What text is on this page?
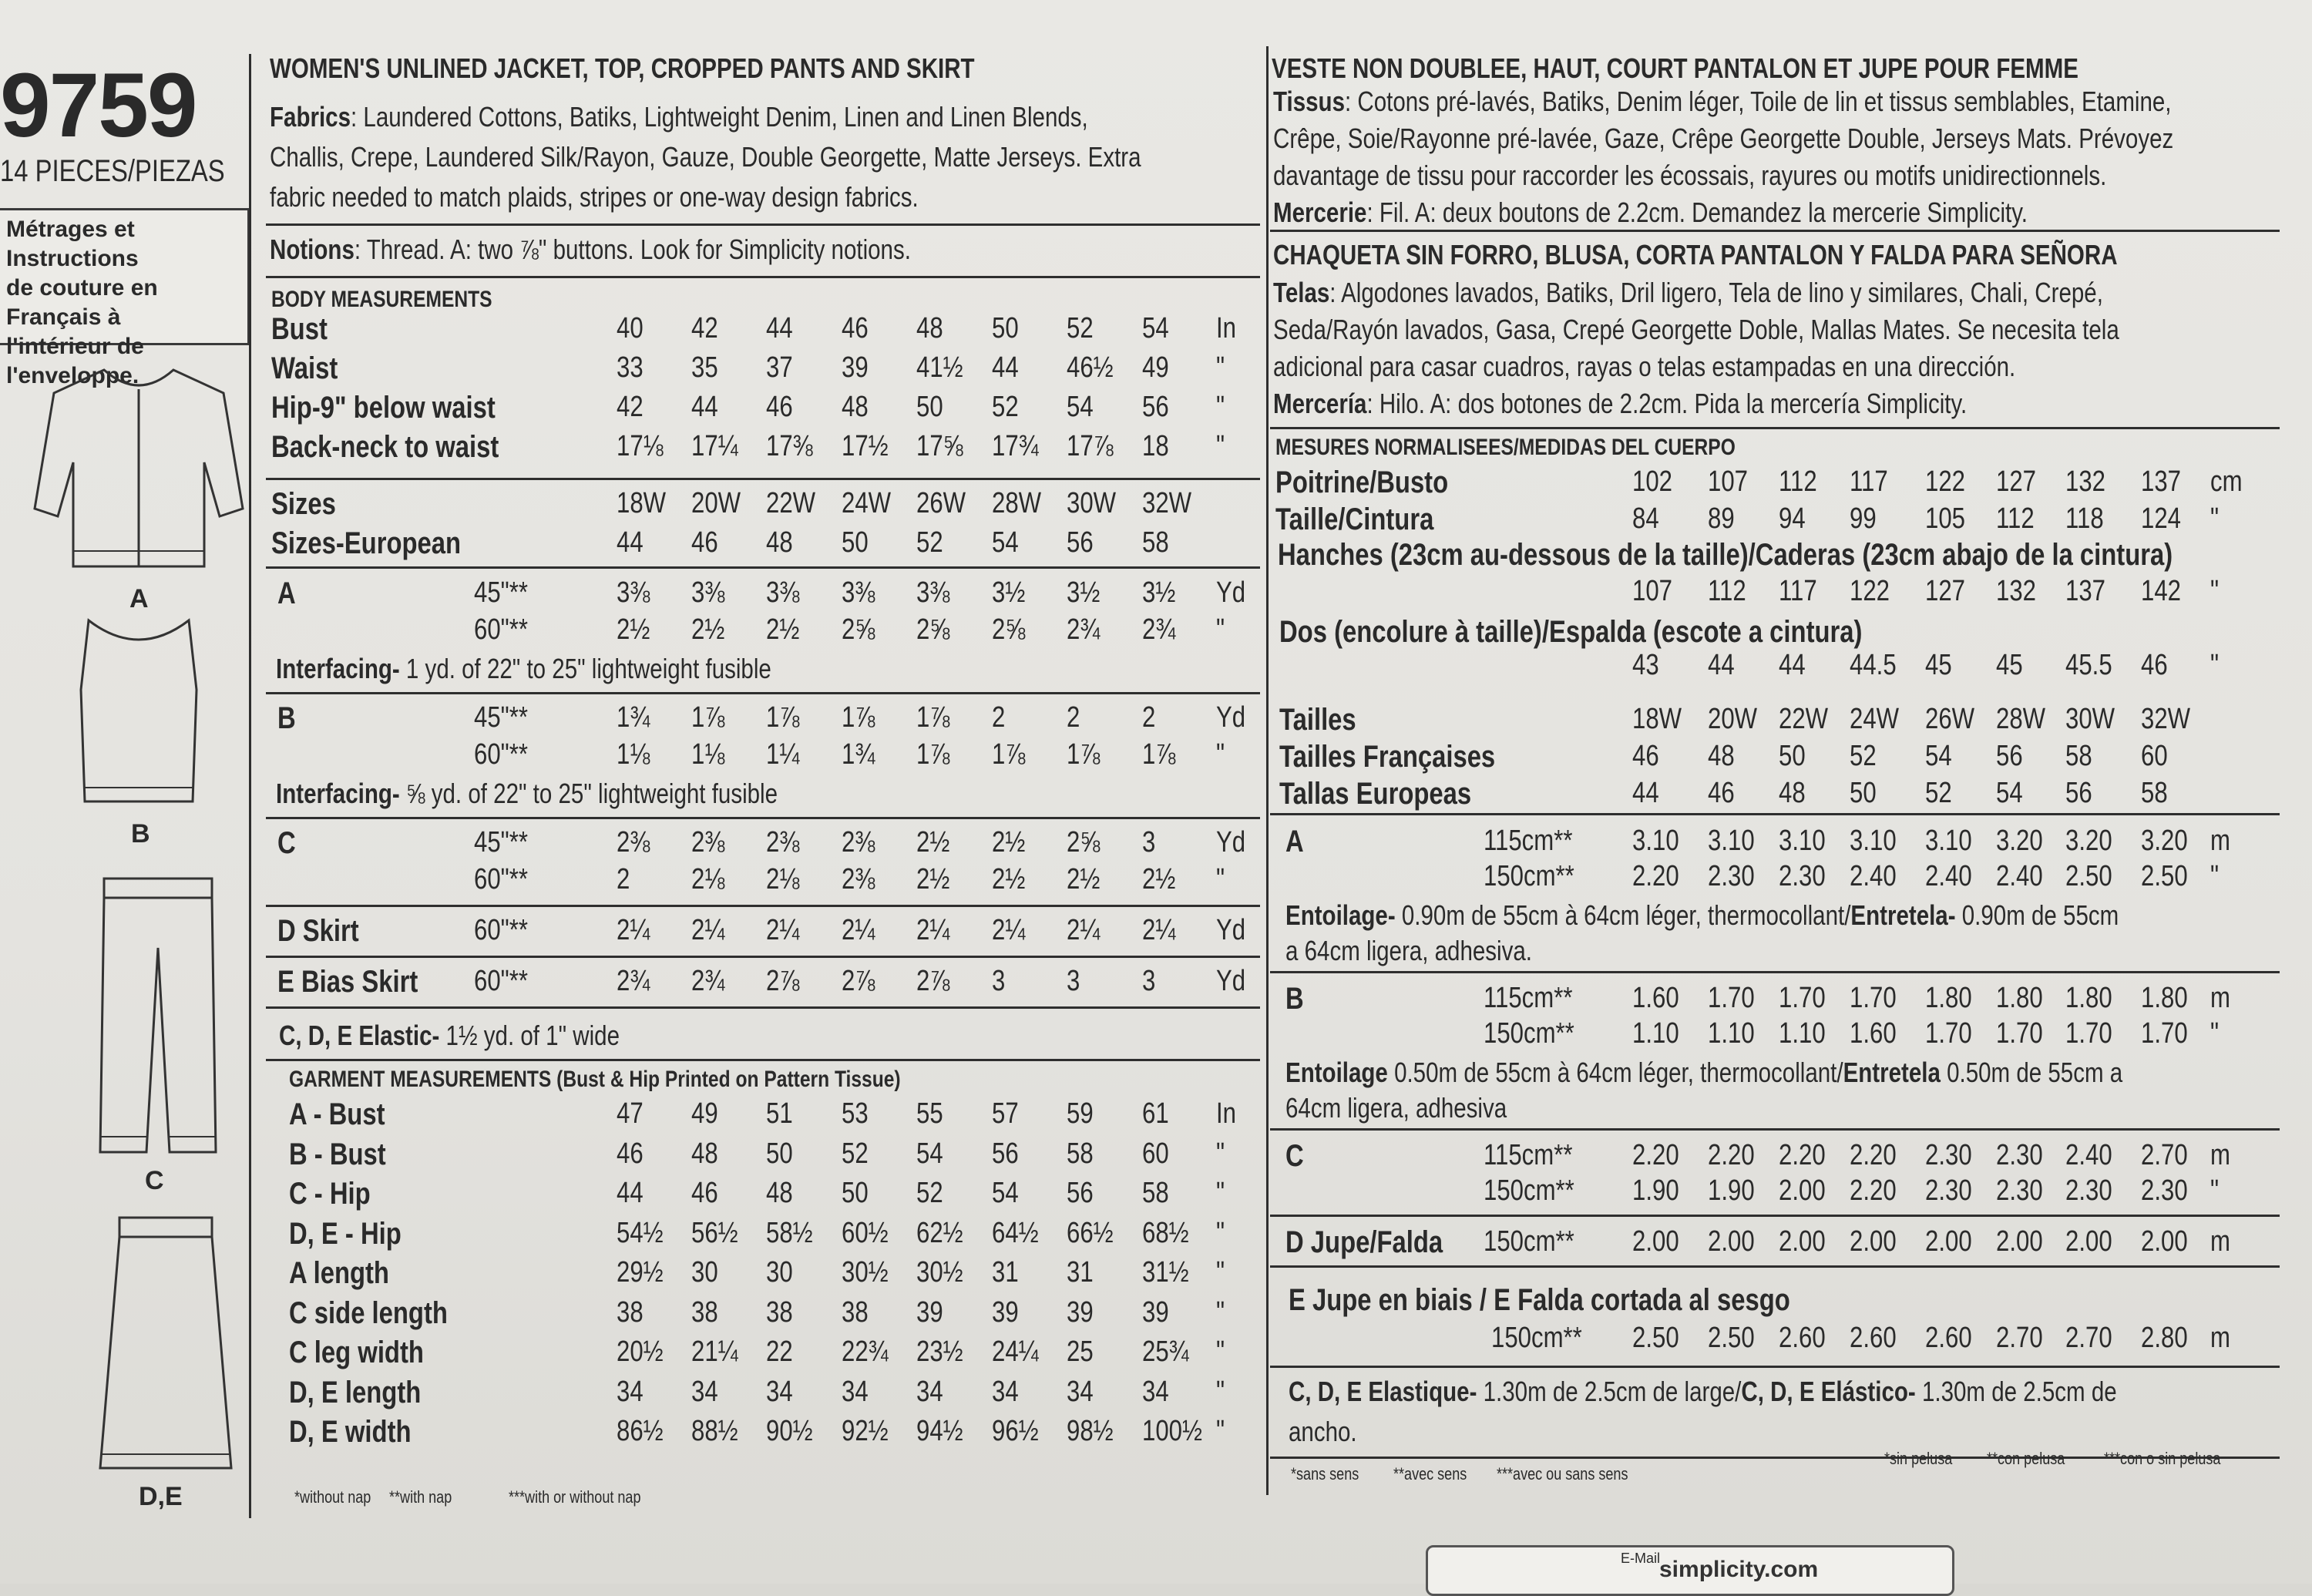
9759
14 PIECES/PIEZAS
Métrages et Instructions
de couture en Français à
l'intérieur de
l'enveloppe.
A
B
C
D,E
WOMEN'S UNLINED JACKET, TOP, CROPPED PANTS AND SKIRT
Fabrics: Laundered Cottons, Batiks, Lightweight Denim, Linen and Linen Blends,
Challis, Crepe, Laundered Silk/Rayon, Gauze, Double Georgette, Matte Jerseys. Extra
fabric needed to match plaids, stripes or one-way design fabrics.
Notions: Thread. A: two ⅞" buttons. Look for Simplicity notions.
BODY MEASUREMENTS
Bust	40 42 44 46 48 50 52 54 In
Waist	33 35 37 39 41½ 44 46½ 49 "
Hip-9" below waist	42 44 46 48 50 52 54 56 "
Back-neck to waist	17⅛ 17¼ 17⅜ 17½ 17⅝ 17¾ 17⅞ 18 "
Sizes	18W 20W 22W 24W 26W 28W 30W 32W
Sizes-European	44 46 48 50 52 54 56 58
A	45"**	3⅜ 3⅜ 3⅜ 3⅜ 3⅜ 3½ 3½ 3½ Yd
60"**	2½ 2½ 2½ 2⅝ 2⅝ 2⅝ 2¾ 2¾ "
Interfacing- 1 yd. of 22" to 25" lightweight fusible
B	45"**	1¾ 1⅞ 1⅞ 1⅞ 1⅞ 2 2 2 Yd
60"**	1⅛ 1⅛ 1¼ 1¾ 1⅞ 1⅞ 1⅞ 1⅞ "
Interfacing- ⅝ yd. of 22" to 25" lightweight fusible
C	45"**	2⅜ 2⅜ 2⅜ 2⅜ 2½ 2½ 2⅝ 3 Yd
60"**	2 2⅛ 2⅛ 2⅜ 2½ 2½ 2½ 2½ "
D Skirt	60"**	2¼ 2¼ 2¼ 2¼ 2¼ 2¼ 2¼ 2¼ Yd
E Bias Skirt	60"**	2¾ 2¾ 2⅞ 2⅞ 2⅞ 3 3 3 Yd
C, D, E Elastic- 1½ yd. of 1" wide
GARMENT MEASUREMENTS (Bust & Hip Printed on Pattern Tissue)
A - Bust	47 49 51 53 55 57 59 61 In
B - Bust	46 48 50 52 54 56 58 60 "
C - Hip	44 46 48 50 52 54 56 58 "
D, E - Hip	54½ 56½ 58½ 60½ 62½ 64½ 66½ 68½ "
A length	29½ 30 30 30½ 30½ 31 31 31½ "
C side length	38 38 38 38 39 39 39 39 "
C leg width	20½ 21¼ 22 22¾ 23½ 24¼ 25 25¾ "
D, E length	34 34 34 34 34 34 34 34 "
D, E width	86½ 88½ 90½ 92½ 94½ 96½ 98½ 100½ "
*without nap	**with nap	***with or without nap
VESTE NON DOUBLEE, HAUT, COURT PANTALON ET JUPE POUR FEMME
Tissus: Cotons pré-lavés, Batiks, Denim léger, Toile de lin et tissus semblables, Etamine,
Crêpe, Soie/Rayonne pré-lavée, Gaze, Crêpe Georgette Double, Jerseys Mats. Prévoyez
davantage de tissu pour raccorder les écossais, rayures ou motifs unidirectionnels.
Mercerie: Fil. A: deux boutons de 2.2cm. Demandez la mercerie Simplicity.
CHAQUETA SIN FORRO, BLUSA, CORTA PANTALON Y FALDA PARA SEÑORA
Telas: Algodones lavados, Batiks, Dril ligero, Tela de lino y similares, Chali, Crepé,
Seda/Rayón lavados, Gasa, Crepé Georgette Doble, Mallas Mates. Se necesita tela
adicional para casar cuadros, rayas o telas estampadas en una dirección.
Mercería: Hilo. A: dos botones de 2.2cm. Pida la mercería Simplicity.
MESURES NORMALISEES/MEDIDAS DEL CUERPO
Poitrine/Busto	102	107	112 117 122	127	132	137	cm
Taille/Cintura	84 89 94 99 105	112 118 124	"
Hanches (23cm au-dessous de la taille)/Caderas (23cm abajo de la cintura)
107	112 117 122	127	132	137	142	"
Dos (encolure à taille)/Espalda (escote a cintura)
43 44 44 44.5 45 45 45.5 46 "
Tailles	18W 20W 22W 24W 26W 28W 30W 32W
Tailles Françaises	46 48 50 52 54 56 58 60
Tallas Europeas	44 46 48 50 52 54 56 58
A	115cm**	3.10 3.10 3.10 3.10 3.10 3.20 3.20 3.20 m
150cm**	2.20 2.30 2.30 2.40 2.40 2.40 2.50 2.50 "
Entoilage- 0.90m de 55cm à 64cm léger, thermocollant/Entretela- 0.90m de 55cm
a 64cm ligera, adhesiva.
B	115cm**	1.60 1.70 1.70 1.70 1.80 1.80 1.80 1.80 m
150cm**	1.10 1.10 1.10 1.60 1.70 1.70 1.70 1.70 "
Entoilage 0.50m de 55cm à 64cm léger, thermocollant/Entretela 0.50m de 55cm a
64cm ligera, adhesiva
C	115cm**	2.20 2.20 2.20 2.20 2.30 2.30 2.40 2.70 m
150cm**	1.90 1.90 2.00 2.20 2.30 2.30 2.30 2.30 "
D Jupe/Falda	150cm**	2.00 2.00 2.00 2.00 2.00 2.00 2.00 2.00 m
E Jupe en biais / E Falda cortada al sesgo
150cm**	2.50 2.50 2.60 2.60 2.60 2.70 2.70 2.80 m
C, D, E Elastique- 1.30m de 2.5cm de large/C, D, E Elástico- 1.30m de 2.5cm de
ancho.
*sans sens	**avec sens	***avec ou sans sens
*sin pelusa	**con pelusa	***con o sin pelusa
E-Mail
simplicity.com
